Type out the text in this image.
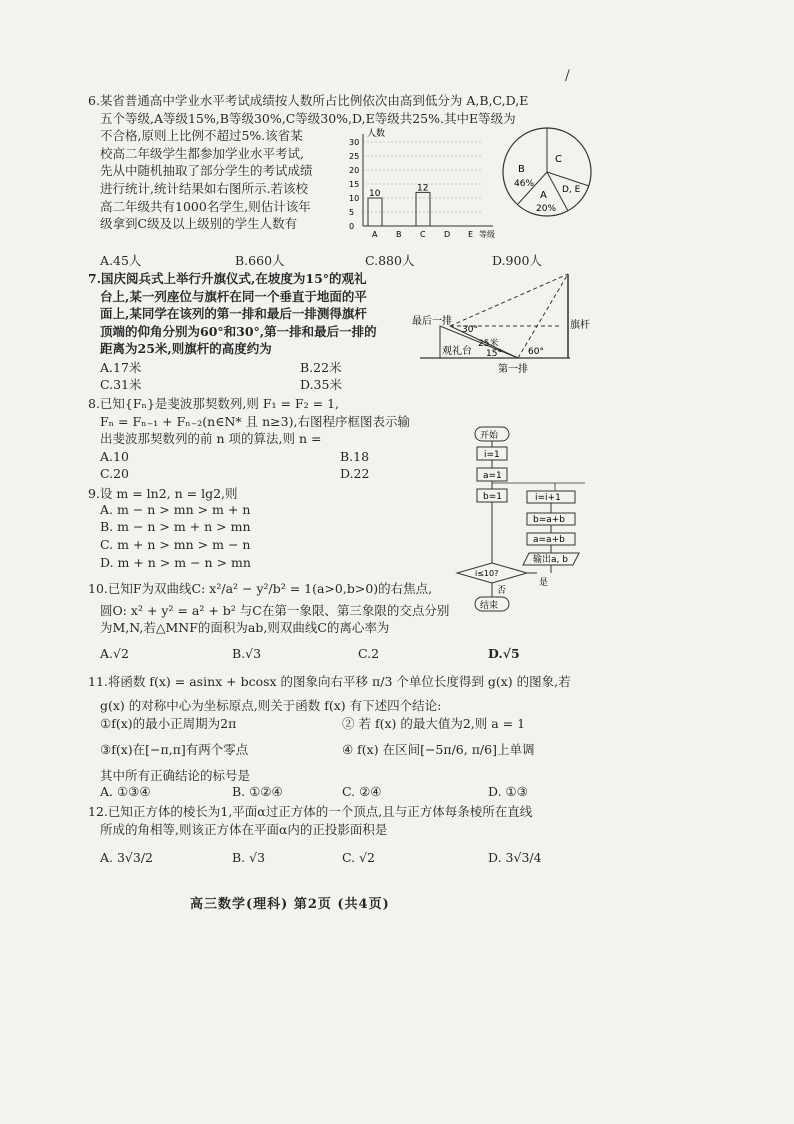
/
6.某省普通高中学业水平考试成绩按人数所占比例依次由高到低分为 A,B,C,D,E
五个等级,A等级15%,B等级30%,C等级30%,D,E等级共25%.其中E等级为
不合格,原则上比例不超过5%.该省某
校高二年级学生都参加学业水平考试,
先从中随机抽取了部分学生的考试成绩
进行统计,统计结果如右图所示.若该校
高二年级共有1000名学生,则估计该年
级拿到C级及以上级别的学生人数有
A.45人	B.660人	C.880人	D.900人
人数
0
5
10
15
20
25
30
A B C D E 等级
10
12
C
B
46%
D, E
A
20%
7.国庆阅兵式上举行升旗仪式,在坡度为15°的观礼
台上,某一列座位与旗杆在同一个垂直于地面的平
面上,某同学在该列的第一排和最后一排测得旗杆
顶端的仰角分别为60°和30°,第一排和最后一排的
距离为25米,则旗杆的高度约为
A.17米	B.22米
C.31米	D.35米
最后一排
30°
25米
观礼台 15°	60°
旗杆
第一排
8.已知{Fₙ}是斐波那契数列,则 F₁ = F₂ = 1,
Fₙ = Fₙ₋₁ + Fₙ₋₂(n∈N* 且 n≥3),右图程序框图表示输
出斐波那契数列的前 n 项的算法,则 n =
A.10	B.18
C.20	D.22
开始
i=1
a=1
b=1	i=i+1
b=a+b
a=a+b
输出a, b
是
i≤10?
否
结束
9.设 m = ln2, n = lg2,则
A. m − n > mn > m + n
B. m − n > m + n > mn
C. m + n > mn > m − n
D. m + n > m − n > mn
10.已知F为双曲线C: x²/a² − y²/b² = 1(a>0,b>0)的右焦点,
圆O: x² + y² = a² + b² 与C在第一象限、第三象限的交点分别
为M,N,若△MNF的面积为ab,则双曲线C的离心率为
A.√2	B.√3	C.2	D.√5
11.将函数 f(x) = asinx + bcosx 的图象向右平移 π/3 个单位长度得到 g(x) 的图象,若
g(x) 的对称中心为坐标原点,则关于函数 f(x) 有下述四个结论:
①f(x)的最小正周期为2π	② 若 f(x) 的最大值为2,则 a = 1
③f(x)在[−π,π]有两个零点	④ f(x) 在区间[−5π/6, π/6]上单调
其中所有正确结论的标号是
A. ①③④	B. ①②④	C. ②④	D. ①③
12.已知正方体的棱长为1,平面α过正方体的一个顶点,且与正方体每条棱所在直线
所成的角相等,则该正方体在平面α内的正投影面积是
A. 3√3/2	B. √3	C. √2	D. 3√3/4
高三数学(理科) 第2页 (共4页)
